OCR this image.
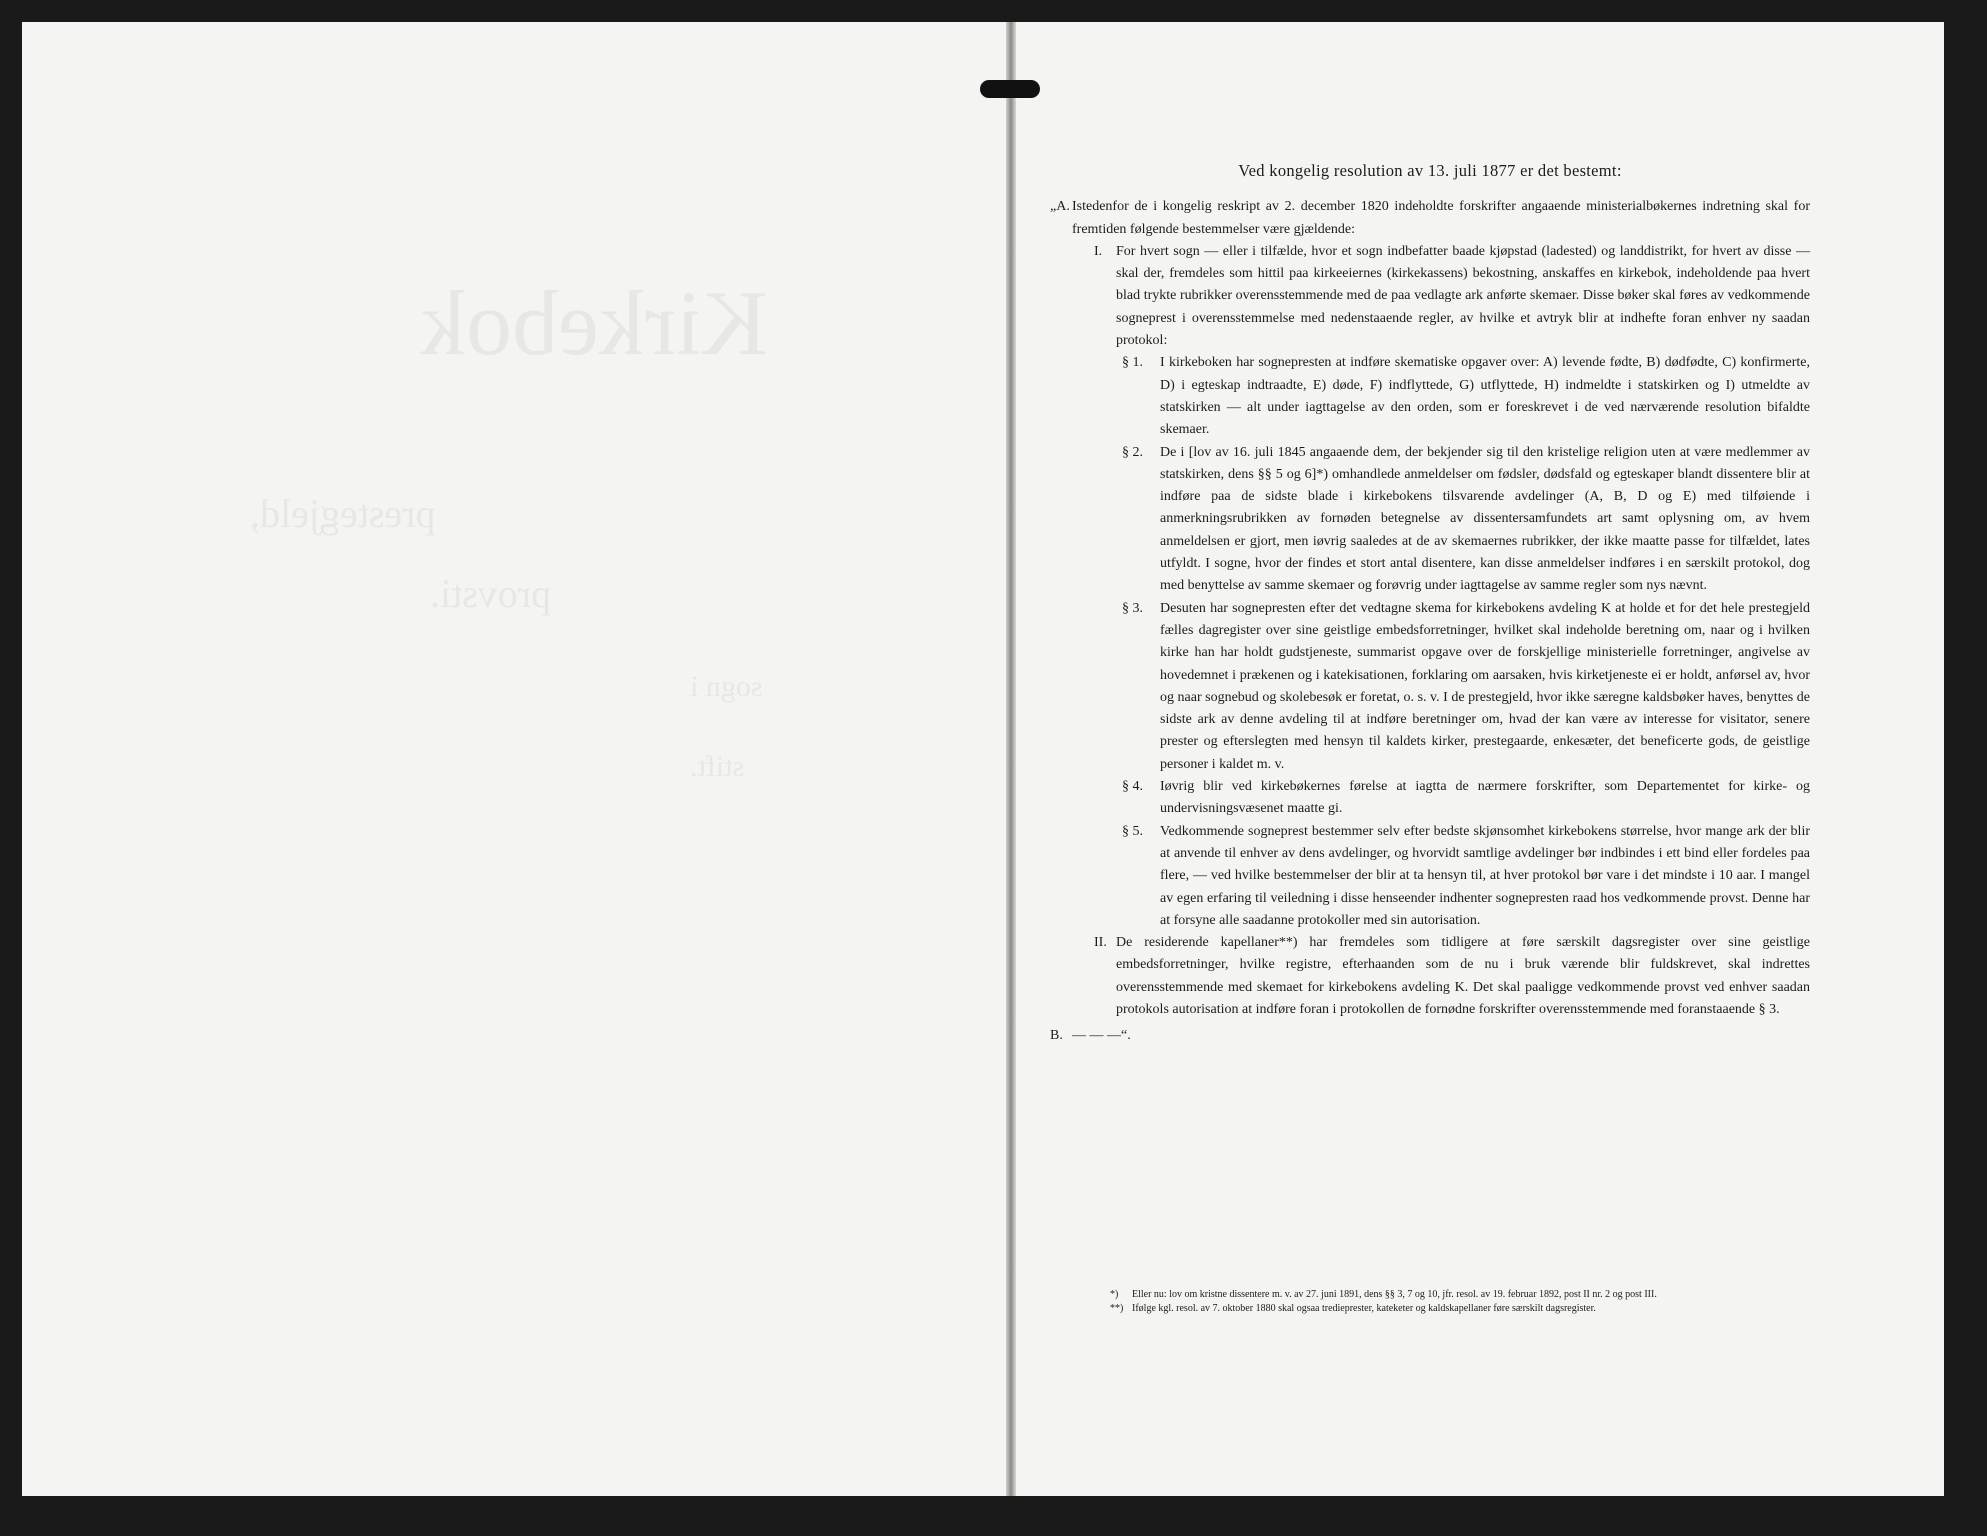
Kirkebok
prestegjeld,
provsti.
sogn i
stift.
Ved kongelig resolution av 13. juli 1877 er det bestemt:
„A. Istedenfor de i kongelig reskript av 2. december 1820 indeholdte forskrifter angaaende ministerialbøkernes indretning skal for fremtiden følgende bestemmelser være gjældende:
I. For hvert sogn — eller i tilfælde, hvor et sogn indbefatter baade kjøpstad (ladested) og landdistrikt, for hvert av disse — skal der, fremdeles som hittil paa kirkeeiernes (kirkekassens) bekostning, anskaffes en kirkebok, indeholdende paa hvert blad trykte rubrikker overensstemmende med de paa vedlagte ark anførte skemaer. Disse bøker skal føres av vedkommende sogneprest i overensstemmelse med nedenstaaende regler, av hvilke et avtryk blir at indhefte foran enhver ny saadan protokol:
§ 1. I kirkeboken har sognepresten at indføre skematiske opgaver over: A) levende fødte, B) dødfødte, C) konfirmerte, D) i egteskap indtraadte, E) døde, F) indflyttede, G) utflyttede, H) indmeldte i statskirken og I) utmeldte av statskirken — alt under iagttagelse av den orden, som er foreskrevet i de ved nærværende resolution bifaldte skemaer.
§ 2. De i [lov av 16. juli 1845 angaaende dem, der bekjender sig til den kristelige religion uten at være medlemmer av statskirken, dens §§ 5 og 6]*) omhandlede anmeldelser om fødsler, dødsfald og egteskaper blandt dissentere blir at indføre paa de sidste blade i kirkebokens tilsvarende avdelinger (A, B, D og E) med tilføiende i anmerkningsrubrikken av fornøden betegnelse av dissentersamfundets art samt oplysning om, av hvem anmeldelsen er gjort, men iøvrig saaledes at de av skemaernes rubrikker, der ikke maatte passe for tilfældet, lates utfyldt. I sogne, hvor der findes et stort antal disentere, kan disse anmeldelser indføres i en særskilt protokol, dog med benyttelse av samme skemaer og forøvrig under iagttagelse av samme regler som nys nævnt.
§ 3. Desuten har sognepresten efter det vedtagne skema for kirkebokens avdeling K at holde et for det hele prestegjeld fælles dagregister over sine geistlige embedsforretninger, hvilket skal indeholde beretning om, naar og i hvilken kirke han har holdt gudstjeneste, summarist opgave over de forskjellige ministerielle forretninger, angivelse av hovedemnet i prækenen og i katekisationen, forklaring om aarsaken, hvis kirketjeneste ei er holdt, anførsel av, hvor og naar sognebud og skolebesøk er foretat, o. s. v. I de prestegjeld, hvor ikke særegne kaldsbøker haves, benyttes de sidste ark av denne avdeling til at indføre beretninger om, hvad der kan være av interesse for visitator, senere prester og efterslegten med hensyn til kaldets kirker, prestegaarde, enkesæter, det beneficerte gods, de geistlige personer i kaldet m. v.
§ 4. Iøvrig blir ved kirkebøkernes førelse at iagtta de nærmere forskrifter, som Departementet for kirke- og undervisningsvæsenet maatte gi.
§ 5. Vedkommende sogneprest bestemmer selv efter bedste skjønsomhet kirkebokens størrelse, hvor mange ark der blir at anvende til enhver av dens avdelinger, og hvorvidt samtlige avdelinger bør indbindes i ett bind eller fordeles paa flere, — ved hvilke bestemmelser der blir at ta hensyn til, at hver protokol bør vare i det mindste i 10 aar. I mangel av egen erfaring til veiledning i disse henseender indhenter sognepresten raad hos vedkommende provst. Denne har at forsyne alle saadanne protokoller med sin autorisation.
II. De residerende kapellaner**) har fremdeles som tidligere at føre særskilt dagsregister over sine geistlige embedsforretninger, hvilke registre, efterhaanden som de nu i bruk værende blir fuldskrevet, skal indrettes overensstemmende med skemaet for kirkebokens avdeling K. Det skal paaligge vedkommende provst ved enhver saadan protokols autorisation at indføre foran i protokollen de fornødne forskrifter overensstemmende med foranstaaende § 3.
B. — — —“.
*) Eller nu: lov om kristne dissentere m. v. av 27. juni 1891, dens §§ 3, 7 og 10, jfr. resol. av 19. februar 1892, post II nr. 2 og post III.
**) Ifølge kgl. resol. av 7. oktober 1880 skal ogsaa tredieprester, kateketer og kaldskapellaner føre særskilt dagsregister.
